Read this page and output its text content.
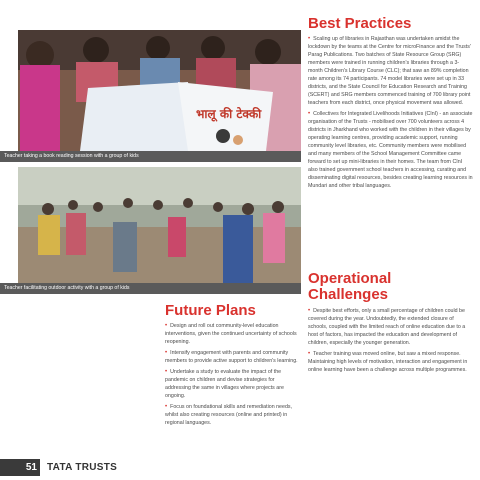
भालू की टेक्की
Teacher taking a book reading session with a group of kids
Teacher facilitating outdoor activity with a group of kids
Best Practices

• Scaling up of libraries in Rajasthan was undertaken amidst the lockdown by the teams at the Centre for microFinance and the Trusts' Parag Publications. Two batches of State Resource Group (SRG) members were trained in running children's libraries through a 3-month Children's Library Course (CLC); that saw an 89% completion rate among its 74 participants. 74 model libraries were set up in 33 districts, and the State Council for Education Research and Training (SCERT) and SRG members commenced training of 700 library point teachers from each district, once physical movement was allowed.

• Collectives for Integrated Livelihoods Initiatives (CInI) - an associate organisation of the Trusts - mobilised over 700 volunteers across 4 districts in Jharkhand who worked with the children in their villages by operating learning centres, providing academic support, running community level libraries, etc. Community members were mobilised and many members of the School Management Committee came forward to set up mini-libraries in their homes. The team from CInI also trained government school teachers in accessing, curating and disseminating digital resources, besides creating learning resources in Mundari and other tribal languages.

Future Plans

• Design and roll out community-level education interventions, given the continued uncertainty of schools reopening.

• Intensify engagement with parents and community members to provide active support to children's learning.

• Undertake a study to evaluate the impact of the pandemic on children and devise strategies for addressing the same in villages where projects are ongoing.

• Focus on foundational skills and remediation needs, whilst also creating resources (online and printed) in regional languages.

Operational
Challenges

• Despite best efforts, only a small percentage of children could be covered during the year. Undoubtedly, the extended closure of schools, coupled with the limited reach of online education due to a host of factors, has impacted the education and development of children, especially the younger generation.

• Teacher training was moved online, but saw a mixed response. Maintaining high levels of motivation, interaction and engagement in online learning have been a challenge across multiple programmes.

51	TATA TRUSTS
